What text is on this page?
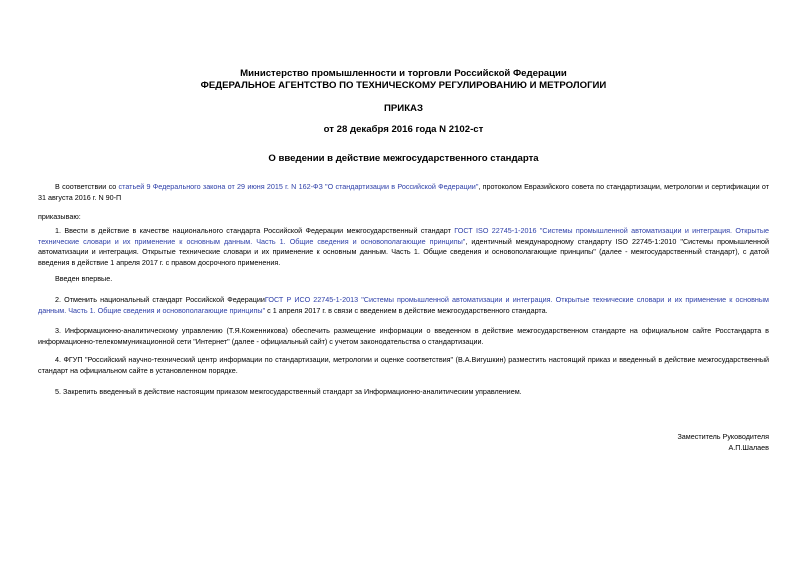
Министерство промышленности и торговли Российской Федерации
ФЕДЕРАЛЬНОЕ АГЕНТСТВО ПО ТЕХНИЧЕСКОМУ РЕГУЛИРОВАНИЮ И МЕТРОЛОГИИ
ПРИКАЗ
от 28 декабря 2016 года N 2102-ст
О введении в действие межгосударственного стандарта
В соответствии со статьей 9 Федерального закона от 29 июня 2015 г. N 162-ФЗ "О стандартизации в Российской Федерации", протоколом Евразийского совета по стандартизации, метрологии и сертификации от 31 августа 2016 г. N 90-П
приказываю:
1. Ввести в действие в качестве национального стандарта Российской Федерации межгосударственный стандарт ГОСТ ISO 22745-1-2016 "Системы промышленной автоматизации и интеграция. Открытые технические словари и их применение к основным данным. Часть 1. Общие сведения и основополагающие принципы", идентичный международному стандарту ISO 22745-1:2010 "Системы промышленной автоматизации и интеграция. Открытые технические словари и их применение к основным данным. Часть 1. Общие сведения и основополагающие принципы" (далее - межгосударственный стандарт), с датой введения в действие 1 апреля 2017 г. с правом досрочного применения.
Введен впервые.
2. Отменить национальный стандарт Российской ФедерацииГОСТ Р ИСО 22745-1-2013 "Системы промышленной автоматизации и интеграция. Открытые технические словари и их применение к основным данным. Часть 1. Общие сведения и основополагающие принципы" с 1 апреля 2017 г. в связи с введением в действие межгосударственного стандарта.
3. Информационно-аналитическому управлению (Т.Я.Коженникова) обеспечить размещение информации о введенном в действие межгосударственном стандарте на официальном сайте Росстандарта в информационно-телекоммуникационной сети "Интернет" (далее - официальный сайт) с учетом законодательства о стандартизации.
4. ФГУП "Российский научно-технический центр информации по стандартизации, метрологии и оценке соответствия" (В.А.Вигушкин) разместить настоящий приказ и введенный в действие межгосударственный стандарт на официальном сайте в установленном порядке.
5. Закрепить введенный в действие настоящим приказом межгосударственный стандарт за Информационно-аналитическим управлением.
Заместитель Руководителя
А.П.Шалаев
